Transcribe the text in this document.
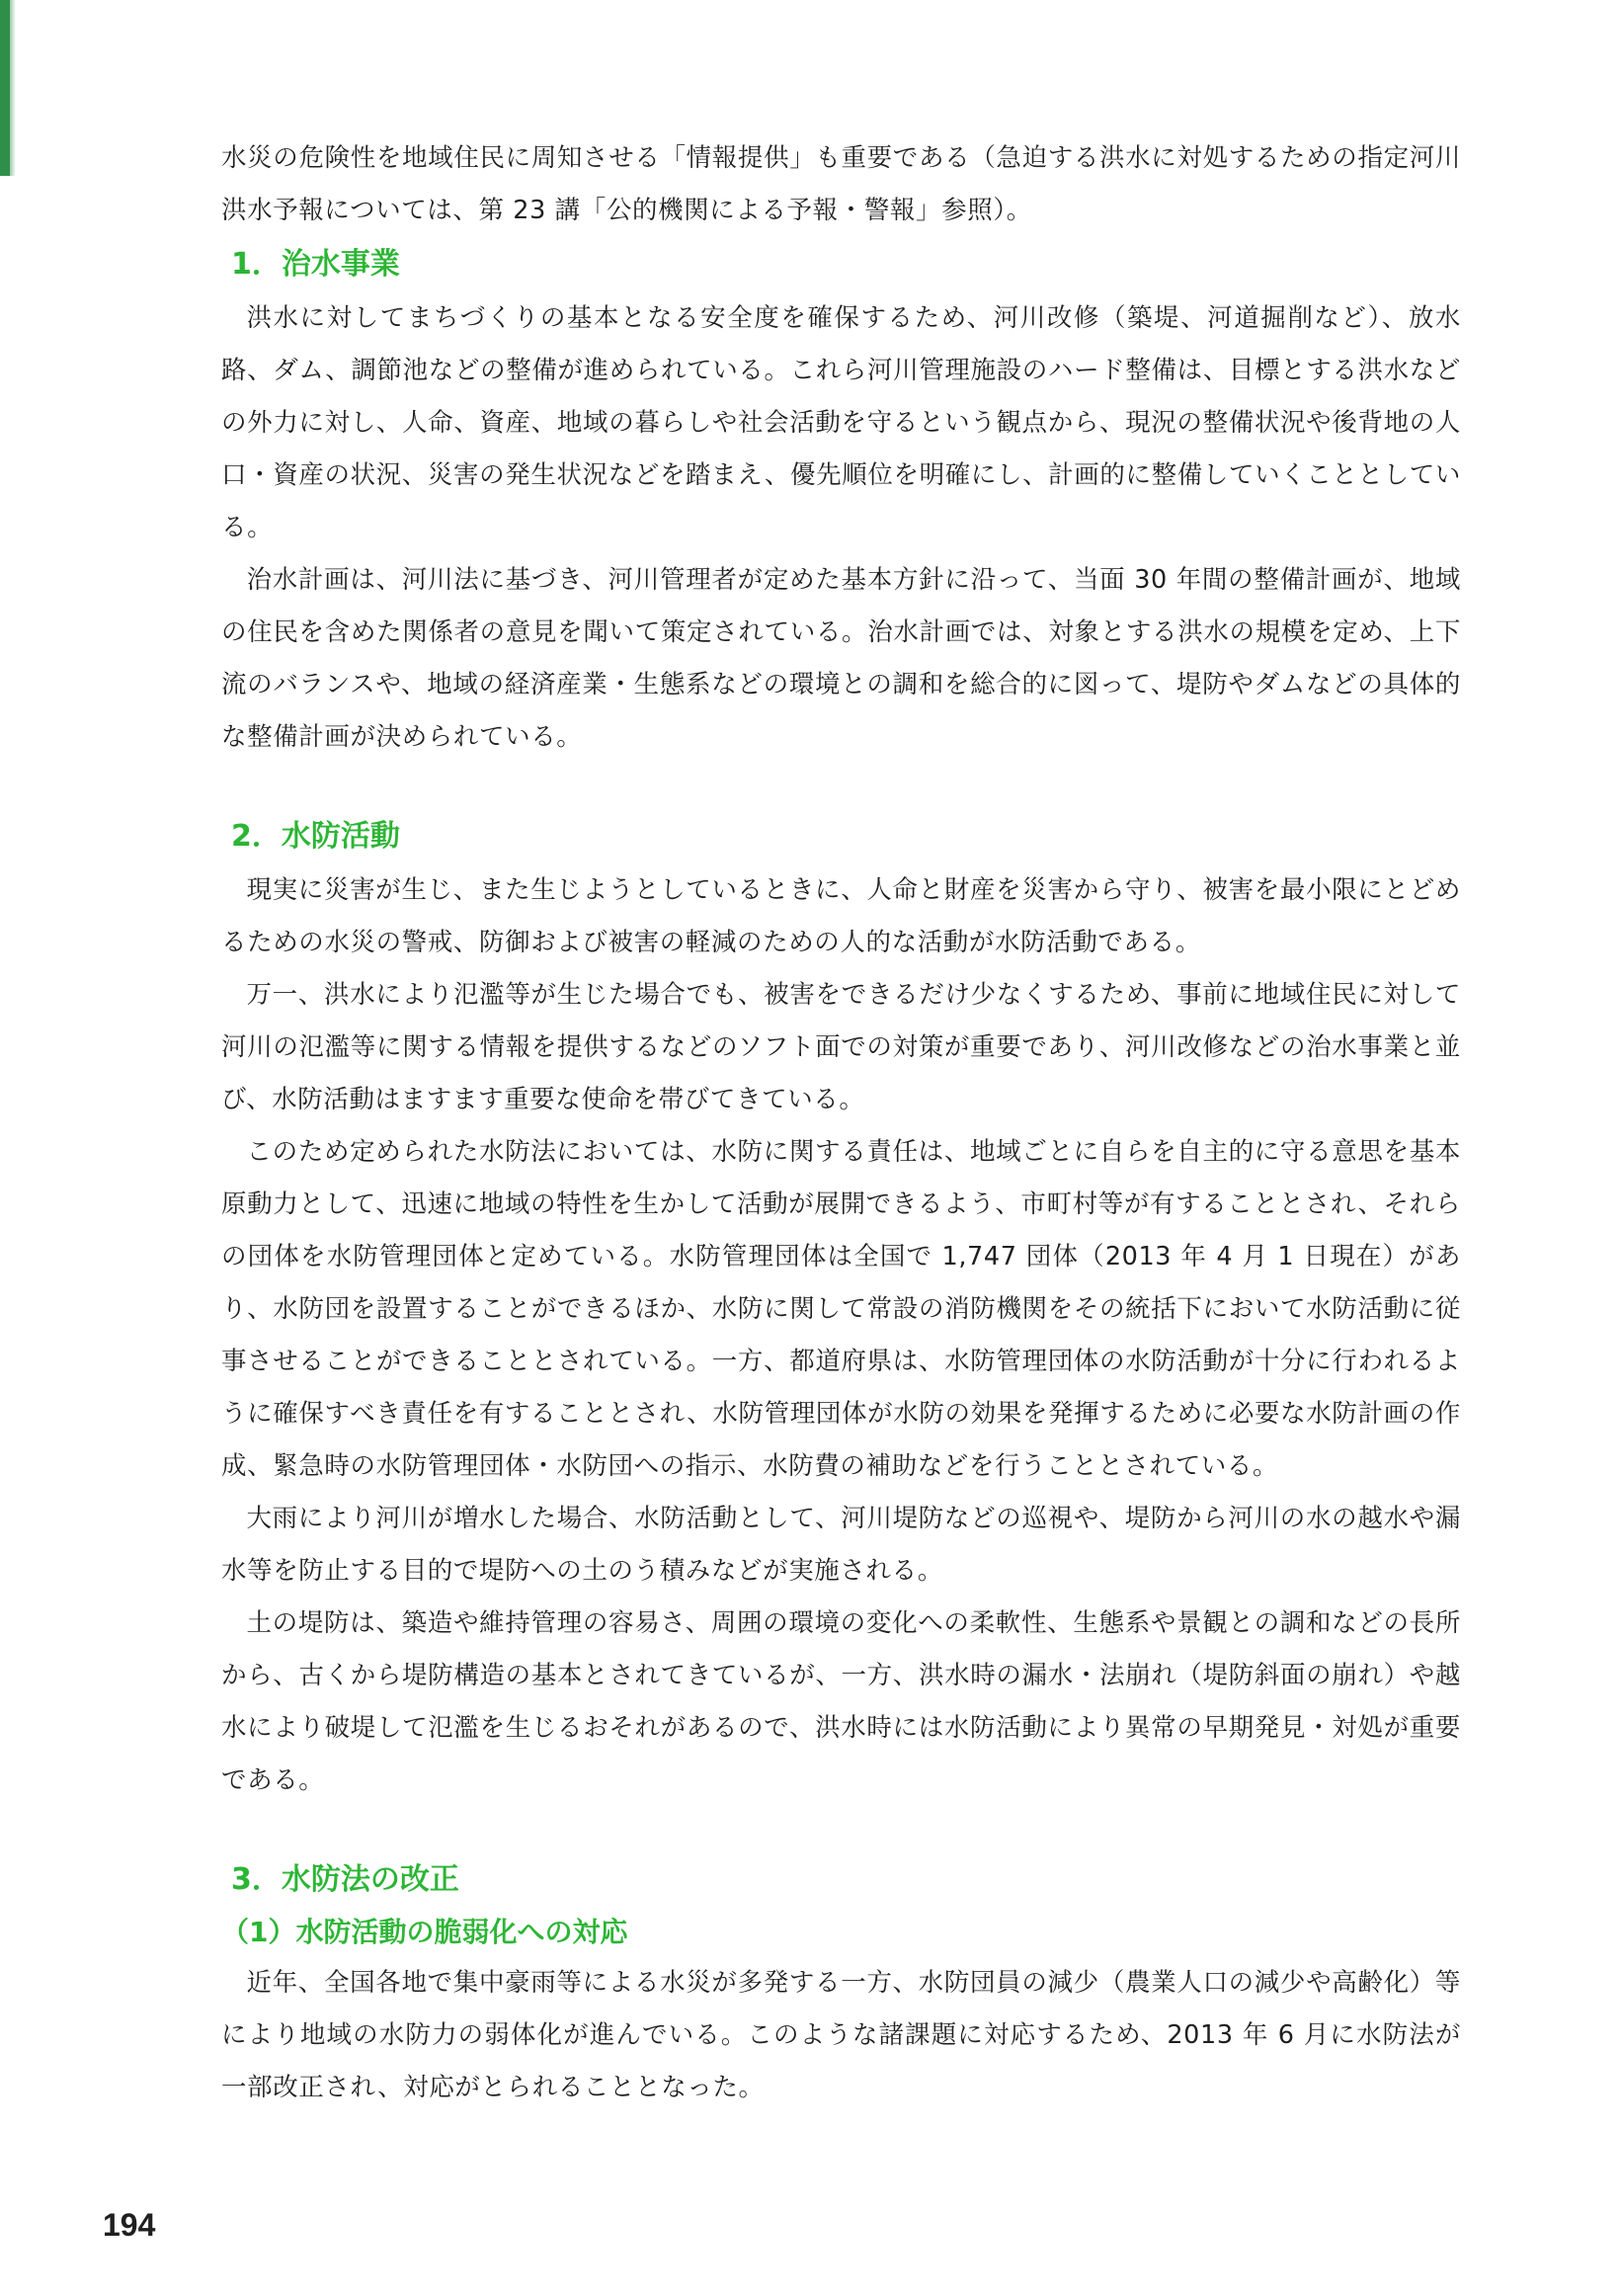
水災の危険性を地域住民に周知させる「情報提供」も重要である（急迫する洪水に対処するための指定河川洪水予報については、第 23 講「公的機関による予報・警報」参照）。

1．治水事業

洪水に対してまちづくりの基本となる安全度を確保するため、河川改修（築堤、河道掘削など）、放水路、ダム、調節池などの整備が進められている。これら河川管理施設のハード整備は、目標とする洪水などの外力に対し、人命、資産、地域の暮らしや社会活動を守るという観点から、現況の整備状況や後背地の人口・資産の状況、災害の発生状況などを踏まえ、優先順位を明確にし、計画的に整備していくこととしている。

治水計画は、河川法に基づき、河川管理者が定めた基本方針に沿って、当面 30 年間の整備計画が、地域の住民を含めた関係者の意見を聞いて策定されている。治水計画では、対象とする洪水の規模を定め、上下流のバランスや、地域の経済産業・生態系などの環境との調和を総合的に図って、堤防やダムなどの具体的な整備計画が決められている。

2．水防活動

現実に災害が生じ、また生じようとしているときに、人命と財産を災害から守り、被害を最小限にとどめるための水災の警戒、防御および被害の軽減のための人的な活動が水防活動である。

万一、洪水により氾濫等が生じた場合でも、被害をできるだけ少なくするため、事前に地域住民に対して河川の氾濫等に関する情報を提供するなどのソフト面での対策が重要であり、河川改修などの治水事業と並び、水防活動はますます重要な使命を帯びてきている。

このため定められた水防法においては、水防に関する責任は、地域ごとに自らを自主的に守る意思を基本原動力として、迅速に地域の特性を生かして活動が展開できるよう、市町村等が有することとされ、それらの団体を水防管理団体と定めている。水防管理団体は全国で 1,747 団体（2013 年 4 月 1 日現在）があり、水防団を設置することができるほか、水防に関して常設の消防機関をその統括下において水防活動に従事させることができることとされている。一方、都道府県は、水防管理団体の水防活動が十分に行われるように確保すべき責任を有することとされ、水防管理団体が水防の効果を発揮するために必要な水防計画の作成、緊急時の水防管理団体・水防団への指示、水防費の補助などを行うこととされている。

大雨により河川が増水した場合、水防活動として、河川堤防などの巡視や、堤防から河川の水の越水や漏水等を防止する目的で堤防への土のう積みなどが実施される。

土の堤防は、築造や維持管理の容易さ、周囲の環境の変化への柔軟性、生態系や景観との調和などの長所から、古くから堤防構造の基本とされてきているが、一方、洪水時の漏水・法崩れ（堤防斜面の崩れ）や越水により破堤して氾濫を生じるおそれがあるので、洪水時には水防活動により異常の早期発見・対処が重要である。

3．水防法の改正
（1）水防活動の脆弱化への対応

近年、全国各地で集中豪雨等による水災が多発する一方、水防団員の減少（農業人口の減少や高齢化）等により地域の水防力の弱体化が進んでいる。このような諸課題に対応するため、2013 年 6 月に水防法が一部改正され、対応がとられることとなった。

194
